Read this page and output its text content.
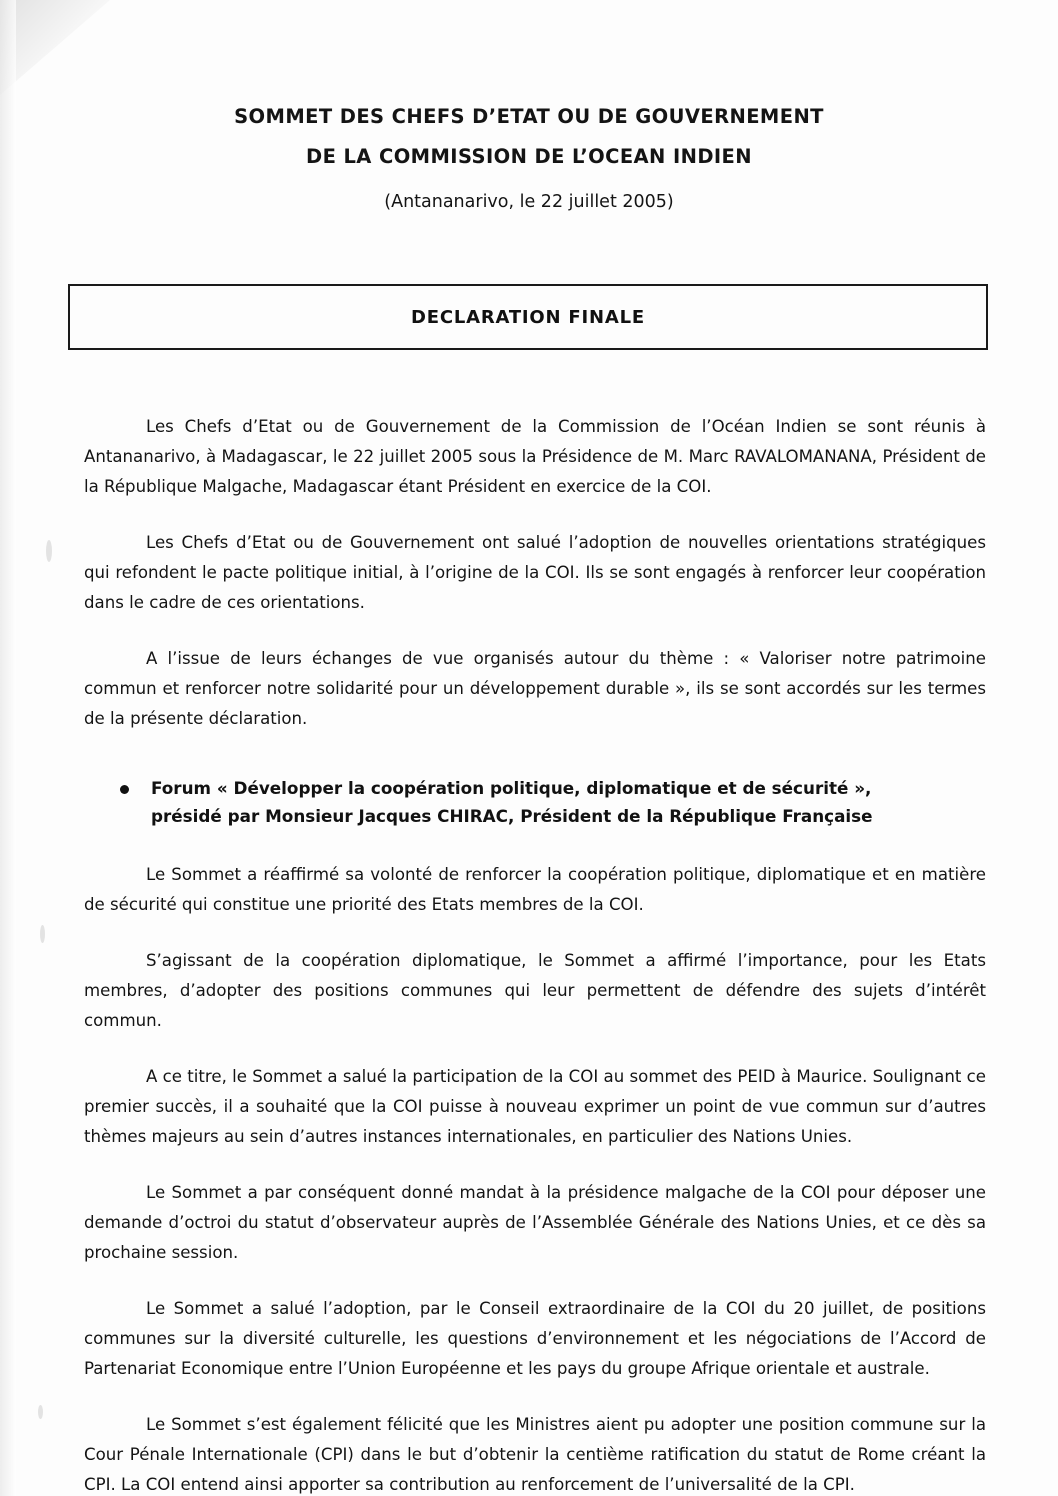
SOMMET DES CHEFS D’ETAT OU DE GOUVERNEMENT
DE LA COMMISSION DE L’OCEAN INDIEN
(Antananarivo, le 22 juillet 2005)
DECLARATION FINALE

Les Chefs d’Etat ou de Gouvernement de la Commission de l’Océan Indien se sont réunis à Antananarivo, à Madagascar, le 22 juillet 2005 sous la Présidence de M. Marc RAVALOMANANA, Président de la République Malgache, Madagascar étant Président en exercice de la COI.

Les Chefs d’Etat ou de Gouvernement ont salué l’adoption de nouvelles orientations stratégiques qui refondent le pacte politique initial, à l’origine de la COI. Ils se sont engagés à renforcer leur coopération dans le cadre de ces orientations.

A l’issue de leurs échanges de vue organisés autour du thème : « Valoriser notre patrimoine commun et renforcer notre solidarité pour un développement durable », ils se sont accordés sur les termes de la présente déclaration.

Forum « Développer la coopération politique, diplomatique et de sécurité »,
présidé par Monsieur Jacques CHIRAC, Président de la République Française

Le Sommet a réaffirmé sa volonté de renforcer la coopération politique, diplomatique et en matière de sécurité qui constitue une priorité des Etats membres de la COI.

S’agissant de la coopération diplomatique, le Sommet a affirmé l’importance, pour les Etats membres, d’adopter des positions communes qui leur permettent de défendre des sujets d’intérêt commun.

A ce titre, le Sommet a salué la participation de la COI au sommet des PEID à Maurice. Soulignant ce premier succès, il a souhaité que la COI puisse à nouveau exprimer un point de vue commun sur d’autres thèmes majeurs au sein d’autres instances internationales, en particulier des Nations Unies.

Le Sommet a par conséquent donné mandat à la présidence malgache de la COI pour déposer une demande d’octroi du statut d’observateur auprès de l’Assemblée Générale des Nations Unies, et ce dès sa prochaine session.

Le Sommet a salué l’adoption, par le Conseil extraordinaire de la COI du 20 juillet, de positions communes sur la diversité culturelle, les questions d’environnement et les négociations de l’Accord de Partenariat Economique entre l’Union Européenne et les pays du groupe Afrique orientale et australe.

Le Sommet s’est également félicité que les Ministres aient pu adopter une position commune sur la Cour Pénale Internationale (CPI) dans le but d’obtenir la centième ratification du statut de Rome créant la CPI. La COI entend ainsi apporter sa contribution au renforcement de l’universalité de la CPI.
